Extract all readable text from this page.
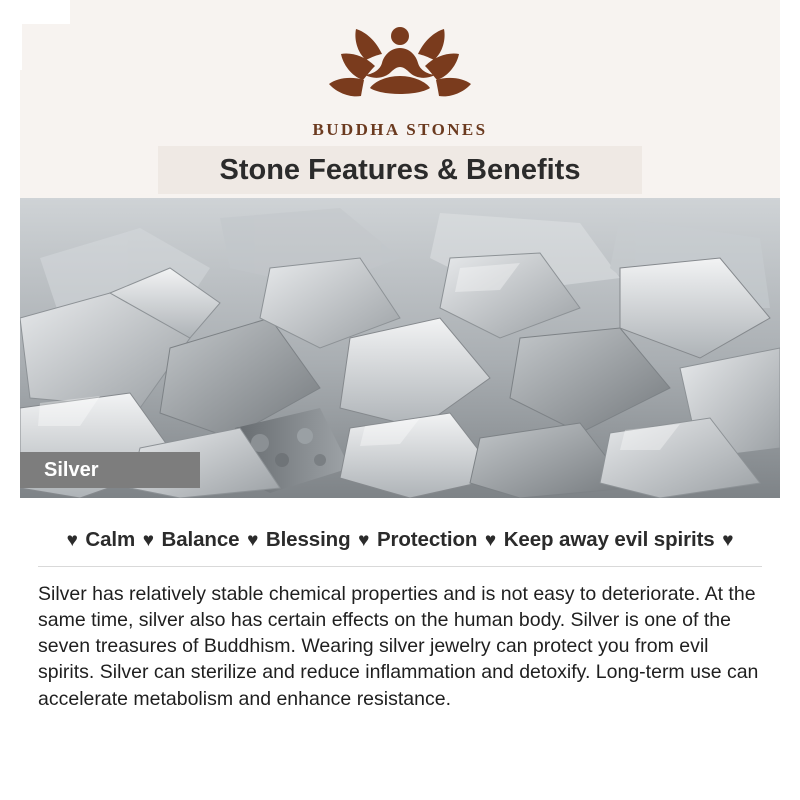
Silver
BUDDHA STONES
Stone Features & Benefits
♥ Calm ♥ Balance ♥ Blessing ♥ Protection ♥ Keep away evil spirits ♥
Silver has relatively stable chemical properties and is not easy to deteriorate. At the same time, silver also has certain effects on the human body. Silver is one of the seven treasures of Buddhism. Wearing silver jewelry can protect you from evil spirits. Silver can sterilize and reduce inflammation and detoxify. Long-term use can accelerate metabolism and enhance resistance.
